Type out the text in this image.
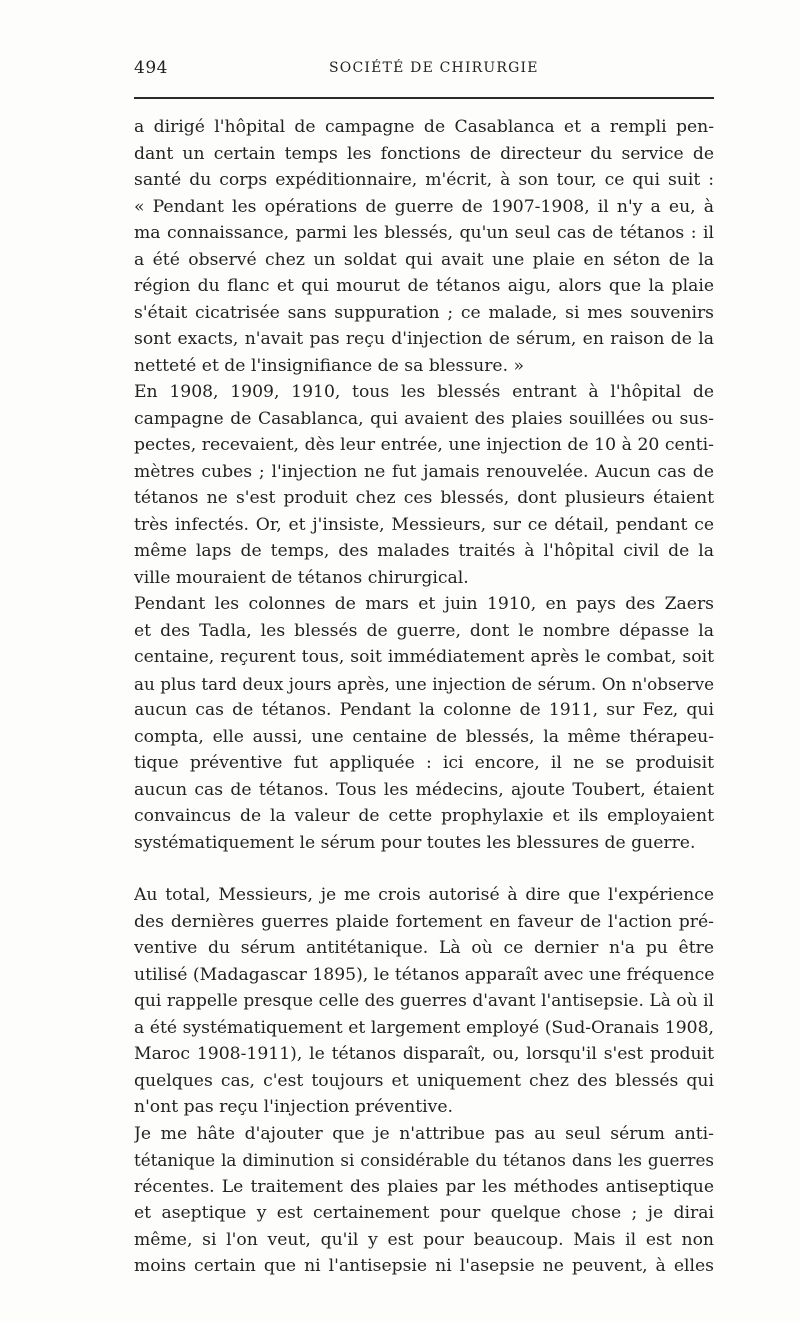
494	SOCIÉTÉ DE CHIRURGIE
a dirigé l'hôpital de campagne de Casablanca et a rempli pen-
dant un certain temps les fonctions de directeur du service de
santé du corps expéditionnaire, m'écrit, à son tour, ce qui suit :
« Pendant les opérations de guerre de 1907-1908, il n'y a eu, à
ma connaissance, parmi les blessés, qu'un seul cas de tétanos : il
a été observé chez un soldat qui avait une plaie en séton de la
région du flanc et qui mourut de tétanos aigu, alors que la plaie
s'était cicatrisée sans suppuration ; ce malade, si mes souvenirs
sont exacts, n'avait pas reçu d'injection de sérum, en raison de la
netteté et de l'insignifiance de sa blessure. »
En 1908, 1909, 1910, tous les blessés entrant à l'hôpital de
campagne de Casablanca, qui avaient des plaies souillées ou sus-
pectes, recevaient, dès leur entrée, une injection de 10 à 20 centi-
mètres cubes ; l'injection ne fut jamais renouvelée. Aucun cas de
tétanos ne s'est produit chez ces blessés, dont plusieurs étaient
très infectés. Or, et j'insiste, Messieurs, sur ce détail, pendant ce
même laps de temps, des malades traités à l'hôpital civil de la
ville mouraient de tétanos chirurgical.
Pendant les colonnes de mars et juin 1910, en pays des Zaers
et des Tadla, les blessés de guerre, dont le nombre dépasse la
centaine, reçurent tous, soit immédiatement après le combat, soit
au plus tard deux jours après, une injection de sérum. On n'observe
aucun cas de tétanos. Pendant la colonne de 1911, sur Fez, qui
compta, elle aussi, une centaine de blessés, la même thérapeu-
tique préventive fut appliquée : ici encore, il ne se produisit
aucun cas de tétanos. Tous les médecins, ajoute Toubert, étaient
convaincus de la valeur de cette prophylaxie et ils employaient
systématiquement le sérum pour toutes les blessures de guerre.
Au total, Messieurs, je me crois autorisé à dire que l'expérience
des dernières guerres plaide fortement en faveur de l'action pré-
ventive du sérum antitétanique. Là où ce dernier n'a pu être
utilisé (Madagascar 1895), le tétanos apparaît avec une fréquence
qui rappelle presque celle des guerres d'avant l'antisepsie. Là où il
a été systématiquement et largement employé (Sud-Oranais 1908,
Maroc 1908-1911), le tétanos disparaît, ou, lorsqu'il s'est produit
quelques cas, c'est toujours et uniquement chez des blessés qui
n'ont pas reçu l'injection préventive.
Je me hâte d'ajouter que je n'attribue pas au seul sérum anti-
tétanique la diminution si considérable du tétanos dans les guerres
récentes. Le traitement des plaies par les méthodes antiseptique
et aseptique y est certainement pour quelque chose ; je dirai
même, si l'on veut, qu'il y est pour beaucoup. Mais il est non
moins certain que ni l'antisepsie ni l'asepsie ne peuvent, à elles
